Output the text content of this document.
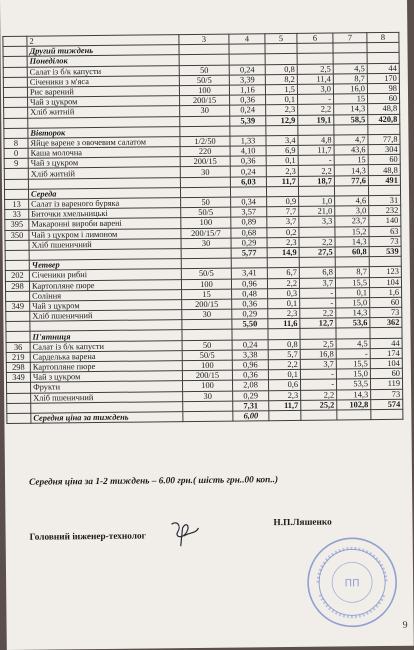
	2	3	4	5	6	7	8
	Другий тиждень						
	Понеділок						
	Салат із б/к капусти	50	0,24	0,8	2,5	4,5	44
	Січеники з м'яса	50/5	3,39	8,2	11,4	8,7	170
	Рис варений	100	1,16	1,5	3,0	16,0	98
	Чай з цукром	200/15	0,36	0,1	-	15	60
	Хліб житній	30	0,24	2,3	2,2	14,3	48,8
			5,39	12,9	19,1	58,5	420,8
	Вівторок						
8	Яйце варене з овочевим салатом	1/2/50	1,33	3,4	4,8	4,7	77,8
0	Каша молочна	220	4,10	6,9	11,7	43,6	304
9	Чай з цукром	200/15	0,36	0,1	-	15	60
	Хліб житній	30	0,24	2,3	2,2	14,3	48,8
			6,03	11,7	18,7	77,6	491
	Середа						
13	Салат із вареного буряка	50	0,34	0,9	1,0	4,6	31
33	Биточки хмельницькі	50/5	3,57	7,7	21,0	3,0	232
395	Макаронні вироби варені	100	0,89	3,7	3,3	23,7	140
350	Чай з цукром і лимоном	200/15/7	0,68	0,2		15,2	63
	Хліб пшеничний	30	0,29	2,3	2,2	14,3	73
			5,77	14,9	27,5	60,8	539
	Четвер						
202	Січеники рибні	50/5	3,41	6,7	6,8	8,7	123
298	Картопляне пюре	100	0,96	2,2	3,7	15,5	104
	Соління	15	0,48	0,3	-	0,1	1,6
349	Чай з цукром	200/15	0,36	0,1	-	15,0	60
	Хліб пшеничний	30	0,29	2,3	2,2	14,3	73
			5,50	11,6	12,7	53,6	362
	П'ятниця						
36	Салат із б/к капусти	50	0,24	0,8	2,5	4,5	44
219	Сарделька варена	50/5	3,38	5,7	16,8	-	174
298	Картопляне пюре	100	0,96	2,2	3,7	15,5	104
349	Чай з цукром	200/15	0,36	0,1	-	15,0	60
	Фрукти	100	2,08	0,6	-	53,5	119
	Хліб пшеничний	30	0,29	2,3	2,2	14,3	73
			7,31	11,7	25,2	102,8	574
	Середня ціна за тиждень		6,00				
Середня ціна за 1-2 тиждень – 6.00 грн.( шість грн..00 коп..)
Головний інженер-технолог
Н.П.Ляшенко
ПП
9
